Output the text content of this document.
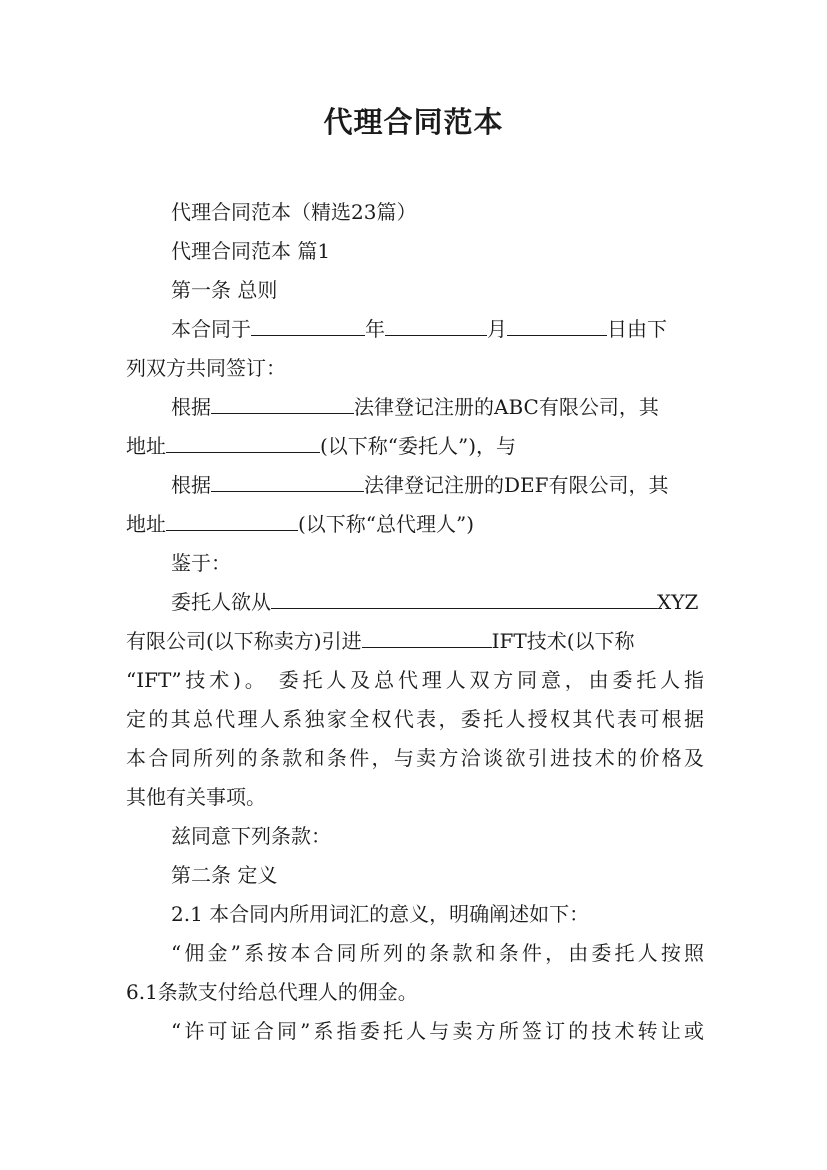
代理合同范本
代理合同范本（精选23篇）
代理合同范本 篇1
第一条 总则
本合同于	年	月	日由下
列双方共同签订：
根据	法律登记注册的ABC有限公司，其
地址	(以下称“委托人”)，与
根据	法律登记注册的DEF有限公司，其
地址	(以下称“总代理人”)
鉴于：
委托人欲从	XYZ
有限公司(以下称卖方)引进	IFT技术(以下称
“IFT”技术)。 委托人及总代理人双方同意，由委托人指
定的其总代理人系独家全权代表，委托人授权其代表可根据
本合同所列的条款和条件，与卖方洽谈欲引进技术的价格及
其他有关事项。
兹同意下列条款：
第二条 定义
2.1 本合同内所用词汇的意义，明确阐述如下：
“佣金”系按本合同所列的条款和条件，由委托人按照
6.1条款支付给总代理人的佣金。
“许可证合同”系指委托人与卖方所签订的技术转让或
